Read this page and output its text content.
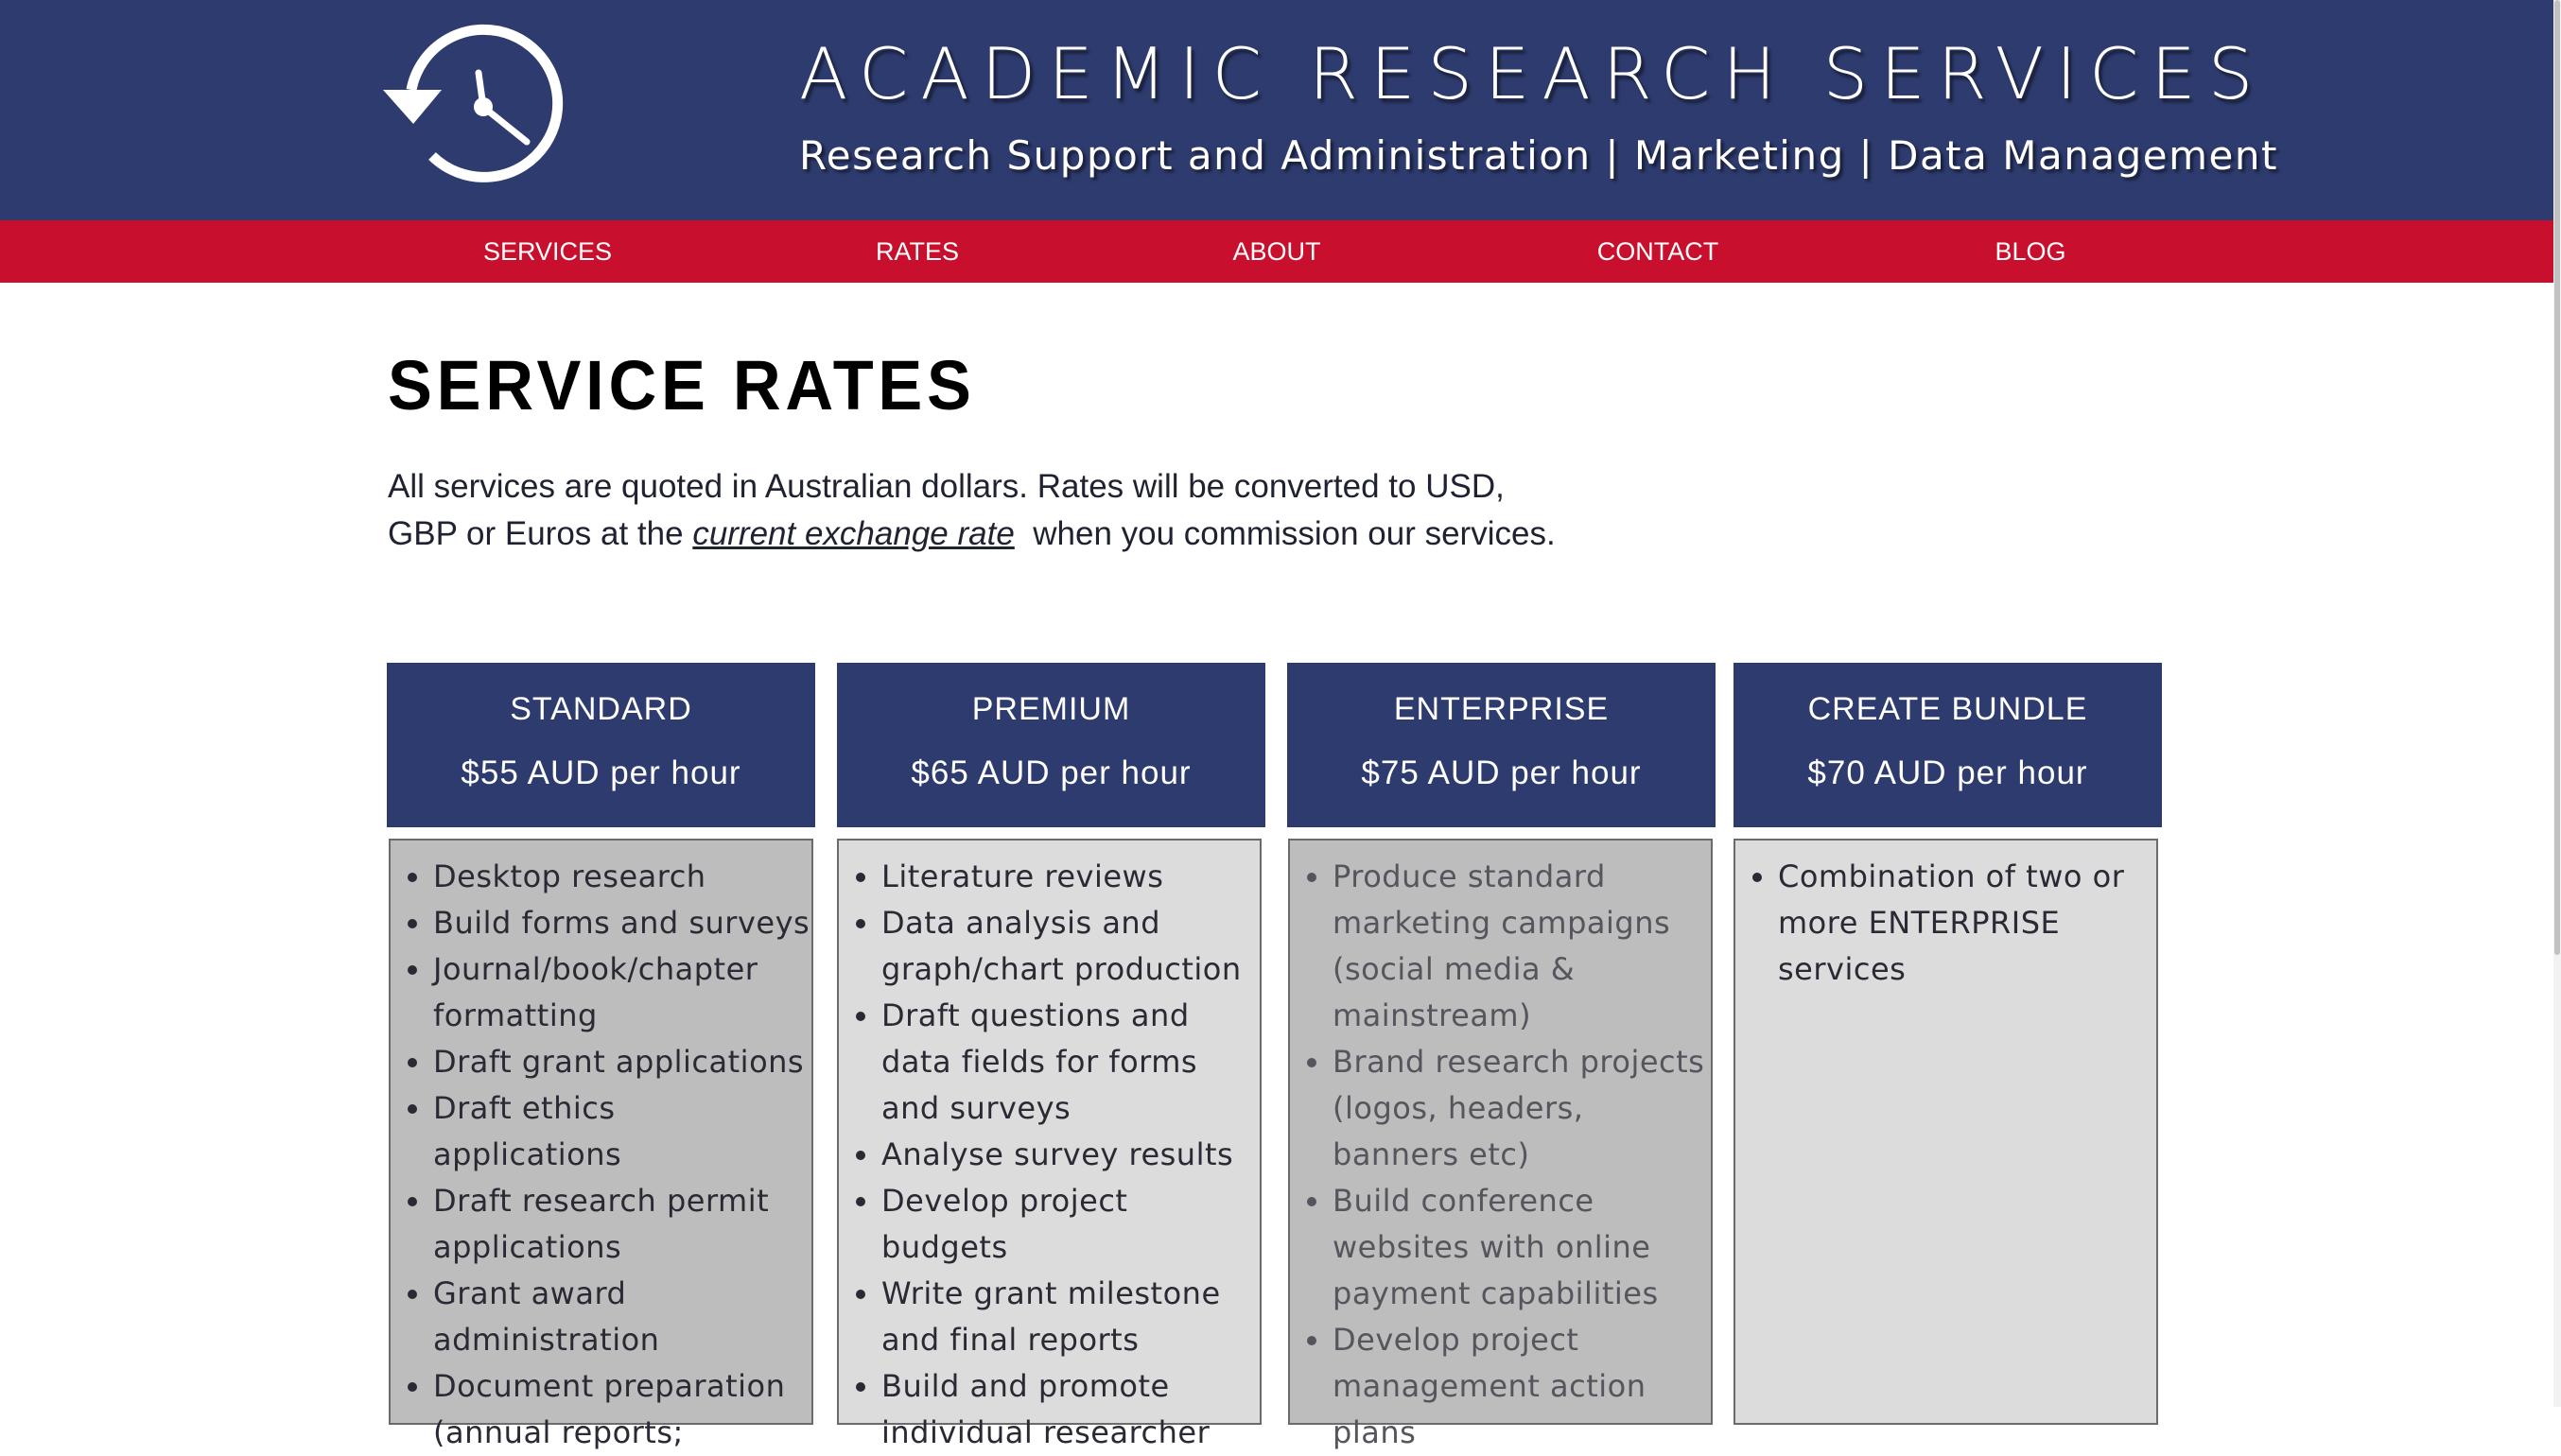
ACADEMIC RESEARCH SERVICES
Research Support and Administration | Marketing | Data Management
SERVICES	RATES	ABOUT	CONTACT	BLOG
SERVICE RATES
All services are quoted in Australian dollars. Rates will be converted to USD,
GBP or Euros at the current exchange rate  when you commission our services.
STANDARD
$55 AUD per hour
• Desktop research
• Build forms and surveys
• Journal/book/chapter formatting
• Draft grant applications
• Draft ethics applications
• Draft research permit applications
• Grant award administration
• Document preparation (annual reports;
PREMIUM
$65 AUD per hour
• Literature reviews
• Data analysis and graph/chart production
• Draft questions and data fields for forms and surveys
• Analyse survey results
• Develop project budgets
• Write grant milestone and final reports
• Build and promote individual researcher
ENTERPRISE
$75 AUD per hour
• Produce standard marketing campaigns (social media & mainstream)
• Brand research projects (logos, headers, banners etc)
• Build conference websites with online payment capabilities
• Develop project management action plans
CREATE BUNDLE
$70 AUD per hour
• Combination of two or more ENTERPRISE services
